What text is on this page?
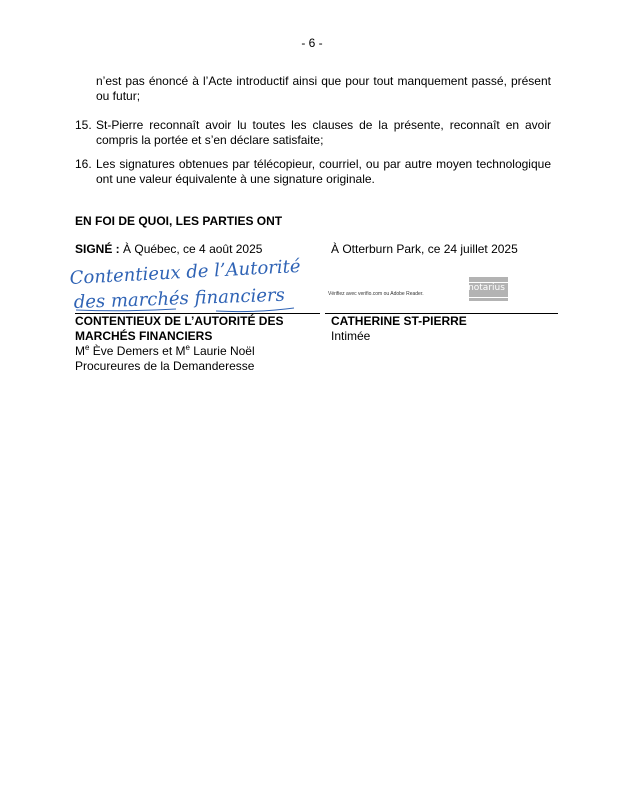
- 6 -
n’est pas énoncé à l’Acte introductif ainsi que pour tout manquement passé, présent
ou futur;
15. St-Pierre reconnaît avoir lu toutes les clauses de la présente, reconnaît en avoir
compris la portée et s’en déclare satisfaite;
16. Les signatures obtenues par télécopieur, courriel, ou par autre moyen technologique
ont une valeur équivalente à une signature originale.
EN FOI DE QUOI, LES PARTIES ONT
SIGNÉ : À Québec, ce 4 août 2025	À Otterburn Park, ce 24 juillet 2025
Contentieux de l’Autorité
des marchés financiers	Vérifiez avec verifio.com ou Adobe Reader.
notarius
CONTENTIEUX DE L’AUTORITÉ DES
MARCHÉS FINANCIERS
Me Ève Demers et Me Laurie Noël
Procureures de la Demanderesse
CATHERINE ST-PIERRE
Intimée
